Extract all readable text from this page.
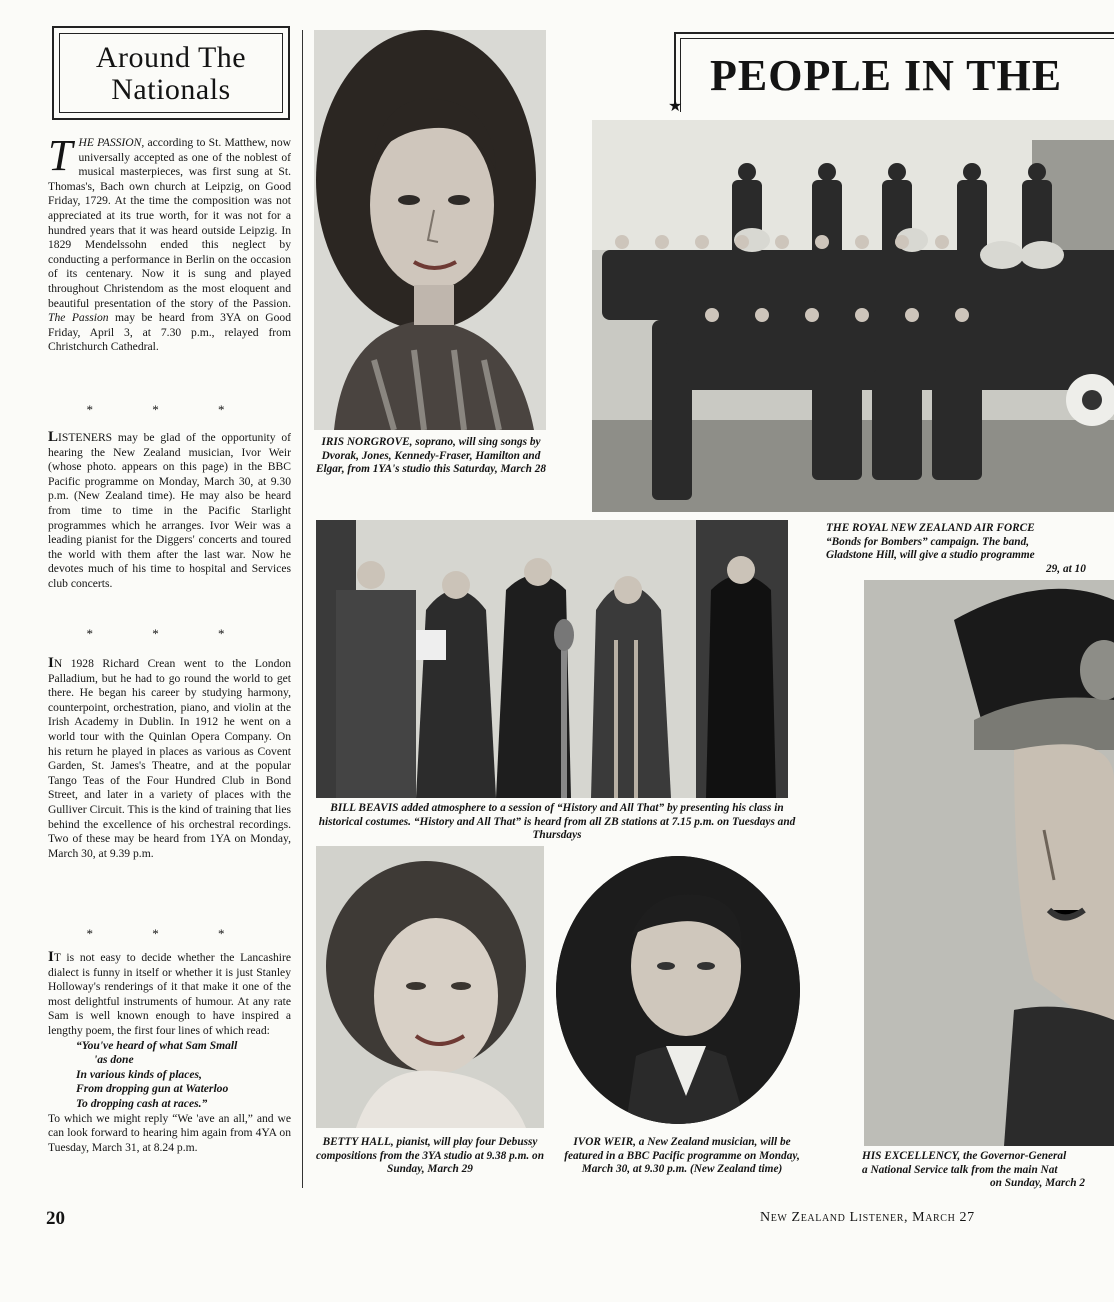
Around The
Nationals

THE PASSION, according to St. Matthew, now universally accepted as one of the noblest of musical masterpieces, was first sung at St. Thomas's, Bach own church at Leipzig, on Good Friday, 1729. At the time the composition was not appreciated at its true worth, for it was not for a hundred years that it was heard outside Leipzig. In 1829 Mendelssohn ended this neglect by conducting a performance in Berlin on the occasion of its centenary. Now it is sung and played throughout Christendom as the most eloquent and beautiful presentation of the story of the Passion. The Passion may be heard from 3YA on Good Friday, April 3, at 7.30 p.m., relayed from Christchurch Cathedral.

* * *

LISTENERS may be glad of the opportunity of hearing the New Zealand musician, Ivor Weir (whose photo. appears on this page) in the BBC Pacific programme on Monday, March 30, at 9.30 p.m. (New Zealand time). He may also be heard from time to time in the Pacific Starlight programmes which he arranges. Ivor Weir was a leading pianist for the Diggers' concerts and toured the world with them after the last war. Now he devotes much of his time to hospital and Services club concerts.

* * *

IN 1928 Richard Crean went to the London Palladium, but he had to go round the world to get there. He began his career by studying harmony, counterpoint, orchestration, piano, and violin at the Irish Academy in Dublin. In 1912 he went on a world tour with the Quinlan Opera Company. On his return he played in places as various as Covent Garden, St. James's Theatre, and at the popular Tango Teas of the Four Hundred Club in Bond Street, and later in a variety of places with the Gulliver Circuit. This is the kind of training that lies behind the excellence of his orchestral recordings. Two of these may be heard from 1YA on Monday, March 30, at 9.39 p.m.

* * *

IT is not easy to decide whether the Lancashire dialect is funny in itself or whether it is just Stanley Holloway's renderings of it that make it one of the most delightful instruments of humour. At any rate Sam is well known enough to have inspired a lengthy poem, the first four lines of which read:

“You've heard of what Sam Small
'as done
In various kinds of places,
From dropping gun at Waterloo
To dropping cash at races.”

To which we might reply “We 'ave an all,” and we can look forward to hearing him again from 4YA on Tuesday, March 31, at 8.24 p.m.

IRIS NORGROVE, soprano, will sing songs by Dvorak, Jones, Kennedy-Fraser, Hamilton and Elgar, from 1YA's studio this Saturday, March 28
PEOPLE IN THE
★
THE ROYAL NEW ZEALAND AIR FORCE
“Bonds for Bombers” campaign. The band,
Gladstone Hill, will give a studio programme
29, at 10
BILL BEAVIS added atmosphere to a session of “History and All That” by presenting his class in historical costumes. “History and All That” is heard from all ZB stations at 7.15 p.m. on Tuesdays and Thursdays
BETTY HALL, pianist, will play four Debussy compositions from the 3YA studio at 9.38 p.m. on Sunday, March 29
IVOR WEIR, a New Zealand musician, will be featured in a BBC Pacific programme on Monday, March 30, at 9.30 p.m. (New Zealand time)
HIS EXCELLENCY, the Governor-General
a National Service talk from the main Nat
on Sunday, March 2
20	New Zealand Listener, March 27
